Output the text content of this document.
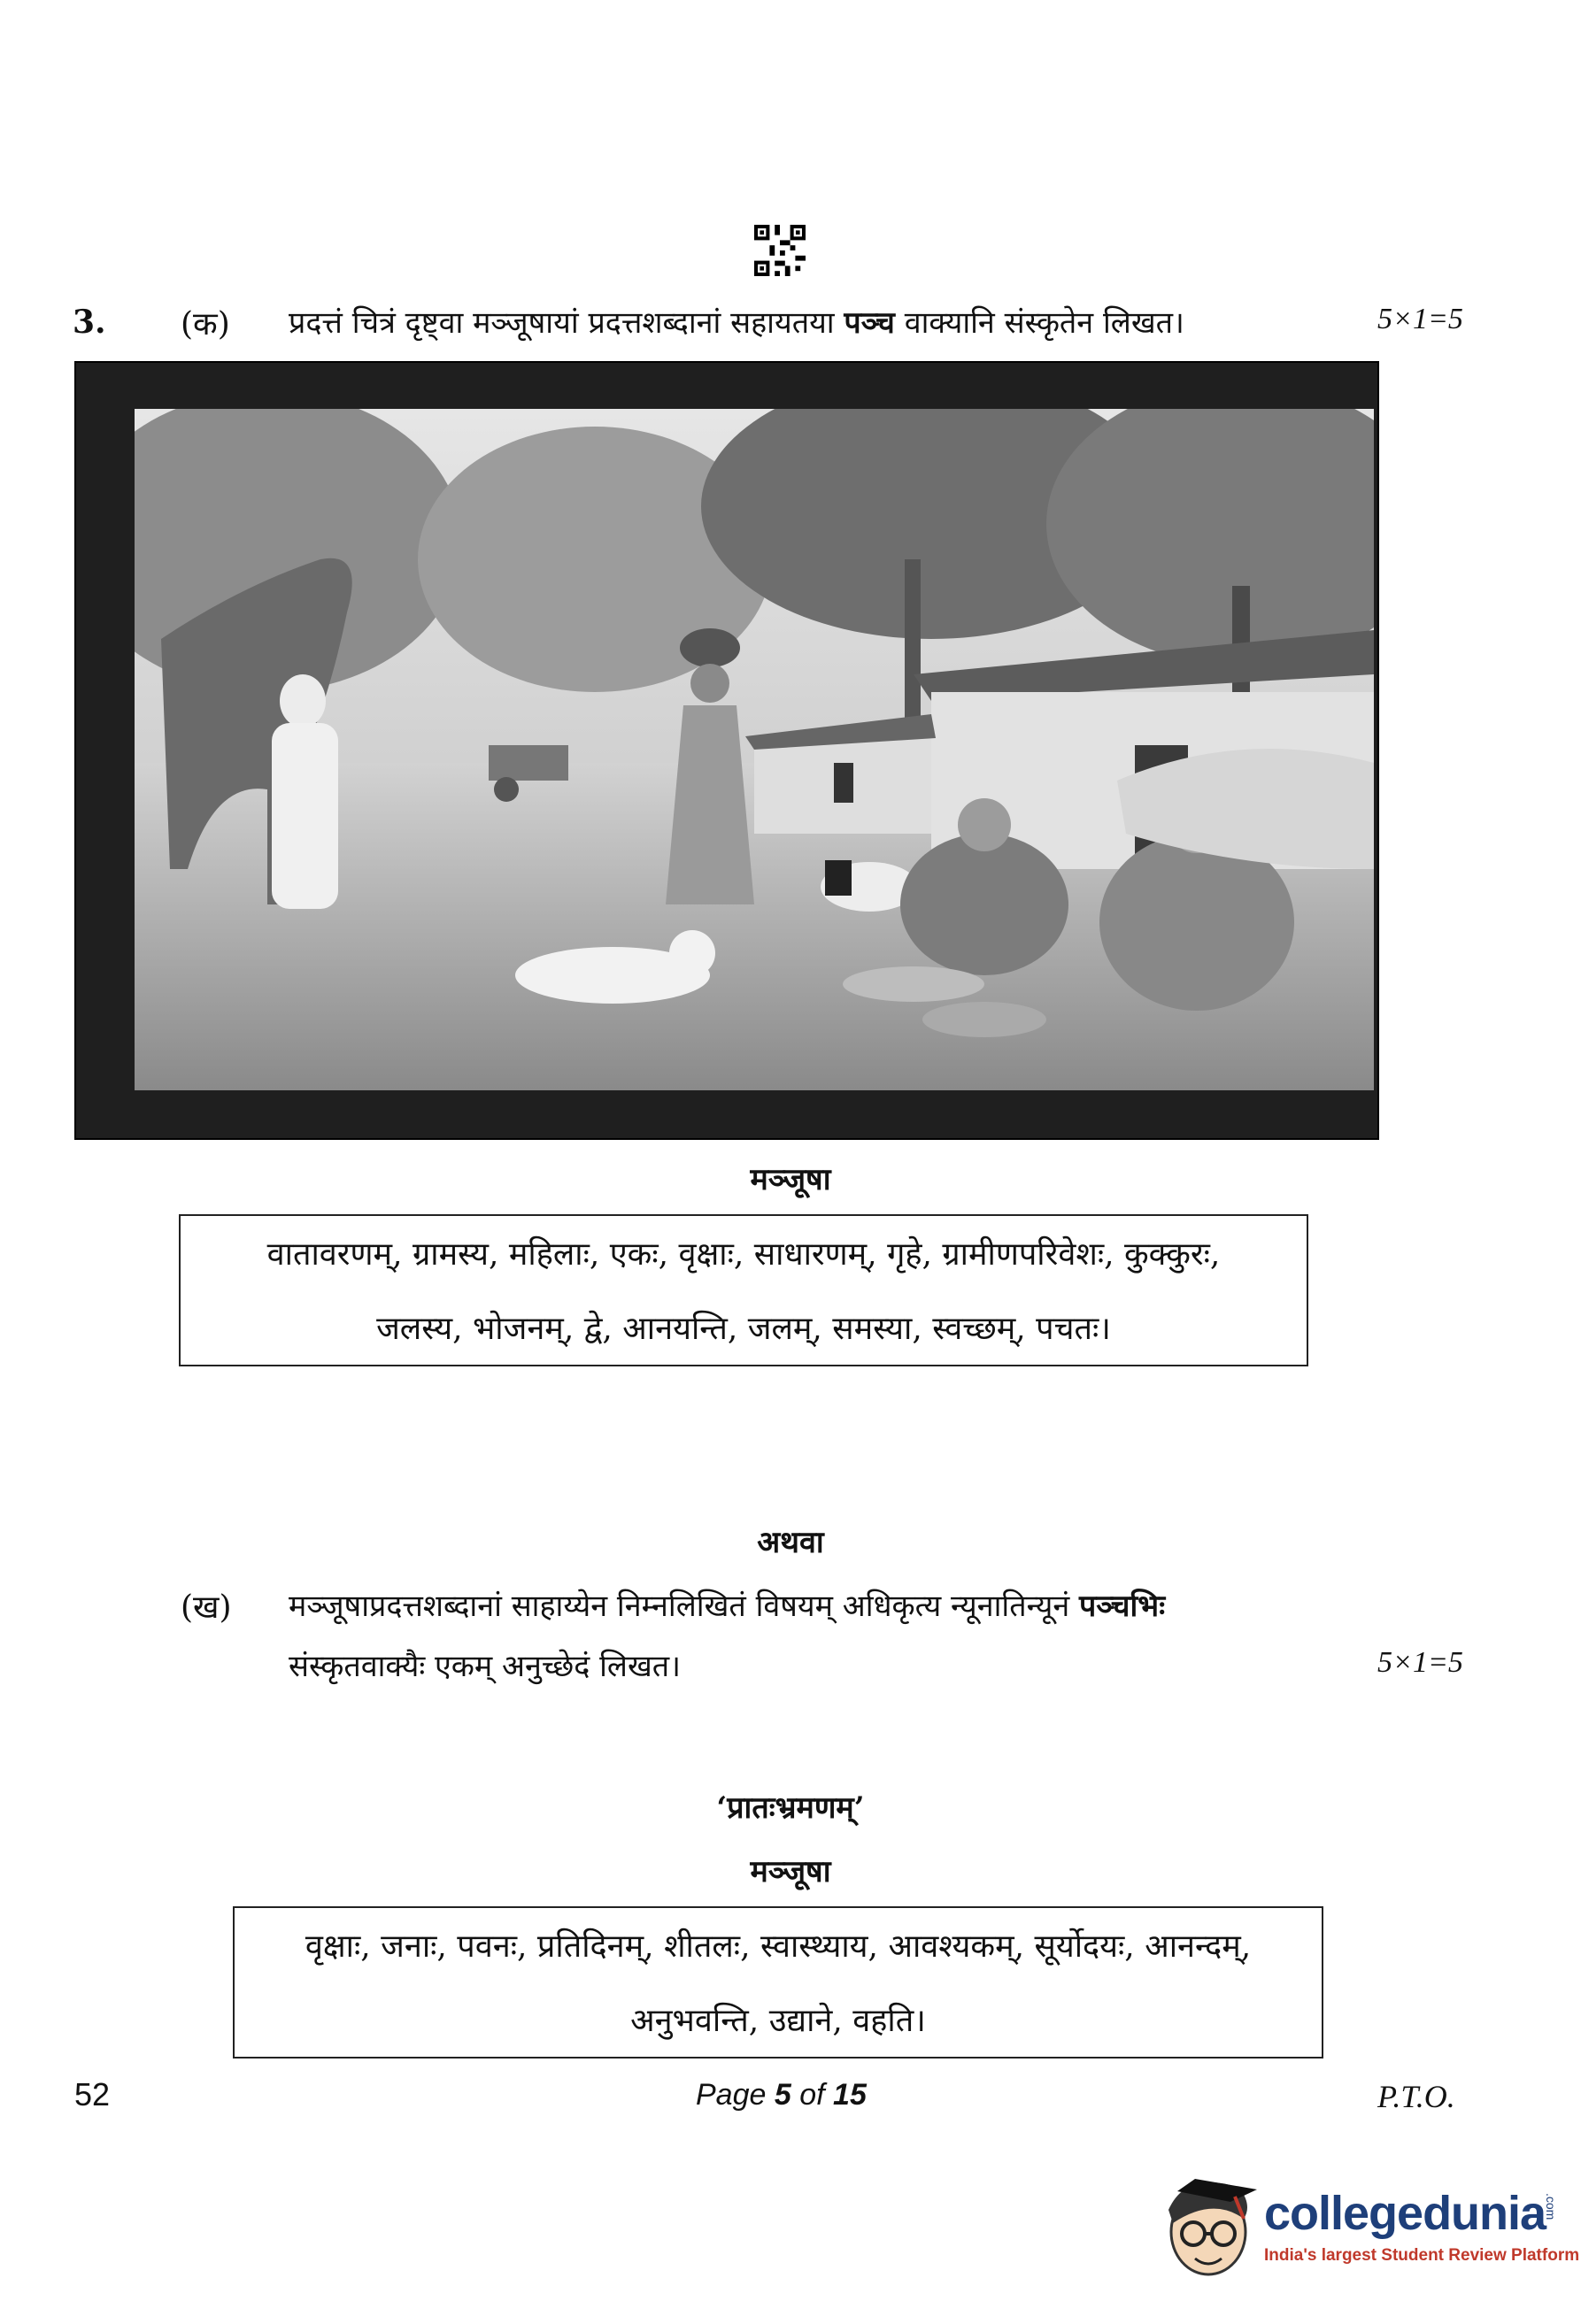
3. (क) प्रदत्तं चित्रं दृष्ट्वा मञ्जूषायां प्रदत्तशब्दानां सहायतया पञ्च वाक्यानि संस्कृतेन लिखत।	5×1=5
मञ्जूषा
वातावरणम्, ग्रामस्य, महिलाः, एकः, वृक्षाः, साधारणम्, गृहे, ग्रामीणपरिवेशः, कुक्कुरः,
जलस्य, भोजनम्, द्वे, आनयन्ति, जलम्, समस्या, स्वच्छम्, पचतः।
अथवा
(ख) मञ्जूषाप्रदत्तशब्दानां साहाय्येन निम्नलिखितं विषयम् अधिकृत्य न्यूनातिन्यूनं पञ्चभिः
संस्कृतवाक्यैः एकम् अनुच्छेदं लिखत।	5×1=5
‘प्रातःभ्रमणम्’
मञ्जूषा
वृक्षाः, जनाः, पवनः, प्रतिदिनम्, शीतलः, स्वास्थ्याय, आवश्यकम्, सूर्योदयः, आनन्दम्,
अनुभवन्ति, उद्याने, वहति।
52	Page 5 of 15	P.T.O.
collegedunia
.com
India's largest Student Review Platform
